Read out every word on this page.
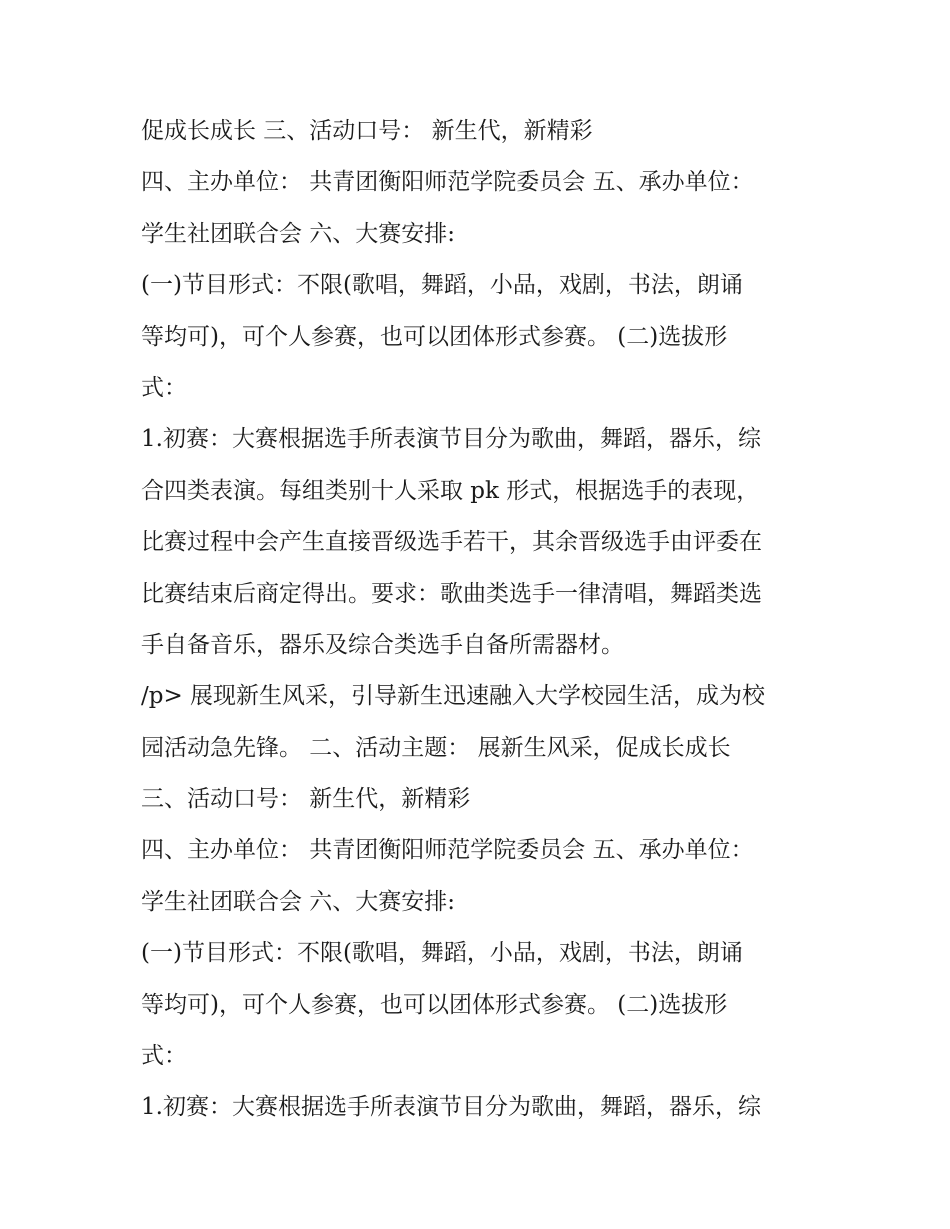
促成长成长 三、活动口号： 新生代，新精彩
四、主办单位： 共青团衡阳师范学院委员会 五、承办单位：
学生社团联合会 六、大赛安排:
(一)节目形式：不限(歌唱，舞蹈，小品，戏剧，书法，朗诵
等均可)，可个人参赛，也可以团体形式参赛。 (二)选拔形
式：
1.初赛：大赛根据选手所表演节目分为歌曲，舞蹈，器乐，综
合四类表演。每组类别十人采取 pk 形式，根据选手的表现，
比赛过程中会产生直接晋级选手若干，其余晋级选手由评委在
比赛结束后商定得出。要求：歌曲类选手一律清唱，舞蹈类选
手自备音乐，器乐及综合类选手自备所需器材。
/p> 展现新生风采，引导新生迅速融入大学校园生活，成为校
园活动急先锋。 二、活动主题： 展新生风采，促成长成长
三、活动口号： 新生代，新精彩
四、主办单位： 共青团衡阳师范学院委员会 五、承办单位：
学生社团联合会 六、大赛安排:
(一)节目形式：不限(歌唱，舞蹈，小品，戏剧，书法，朗诵
等均可)，可个人参赛，也可以团体形式参赛。 (二)选拔形
式：
1.初赛：大赛根据选手所表演节目分为歌曲，舞蹈，器乐，综
